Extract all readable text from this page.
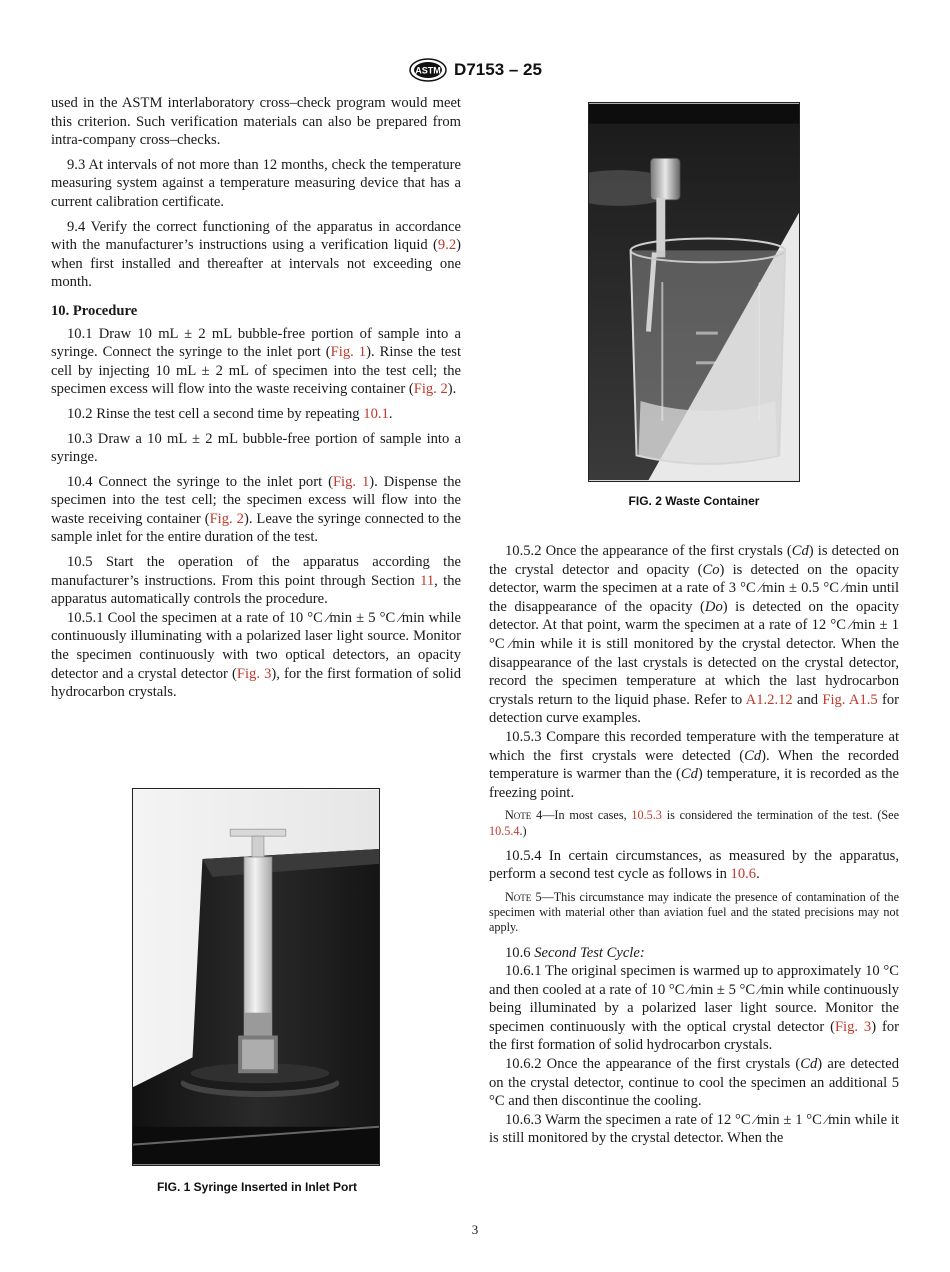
ASTM D7153 – 25

used in the ASTM interlaboratory cross–check program would meet this criterion. Such verification materials can also be prepared from intra-company cross–checks.

9.3 At intervals of not more than 12 months, check the temperature measuring system against a temperature measuring device that has a current calibration certificate.

9.4 Verify the correct functioning of the apparatus in accordance with the manufacturer’s instructions using a verification liquid (9.2) when first installed and thereafter at intervals not exceeding one month.

10. Procedure

10.1 Draw 10 mL ± 2 mL bubble-free portion of sample into a syringe. Connect the syringe to the inlet port (Fig. 1). Rinse the test cell by injecting 10 mL ± 2 mL of specimen into the test cell; the specimen excess will flow into the waste receiving container (Fig. 2).

10.2 Rinse the test cell a second time by repeating 10.1.

10.3 Draw a 10 mL ± 2 mL bubble-free portion of sample into a syringe.

10.4 Connect the syringe to the inlet port (Fig. 1). Dispense the specimen into the test cell; the specimen excess will flow into the waste receiving container (Fig. 2). Leave the syringe connected to the sample inlet for the entire duration of the test.

10.5 Start the operation of the apparatus according the manufacturer’s instructions. From this point through Section 11, the apparatus automatically controls the procedure.

10.5.1 Cool the specimen at a rate of 10 °C ⁄min ± 5 °C ⁄min while continuously illuminating with a polarized laser light source. Monitor the specimen continuously with two optical detectors, an opacity detector and a crystal detector (Fig. 3), for the first formation of solid hydrocarbon crystals.

FIG. 1 Syringe Inserted in Inlet Port
FIG. 2 Waste Container

10.5.2 Once the appearance of the first crystals (Cd) is detected on the crystal detector and opacity (Co) is detected on the opacity detector, warm the specimen at a rate of 3 °C ⁄min ± 0.5 °C ⁄min until the disappearance of the opacity (Do) is detected on the opacity detector. At that point, warm the specimen at a rate of 12 °C ⁄min ± 1 °C ⁄min while it is still monitored by the crystal detector. When the disappearance of the last crystals is detected on the crystal detector, record the specimen temperature at which the last hydrocarbon crystals return to the liquid phase. Refer to A1.2.12 and Fig. A1.5 for detection curve examples.

10.5.3 Compare this recorded temperature with the temperature at which the first crystals were detected (Cd). When the recorded temperature is warmer than the (Cd) temperature, it is recorded as the freezing point.

Note 4—In most cases, 10.5.3 is considered the termination of the test. (See 10.5.4.)

10.5.4 In certain circumstances, as measured by the apparatus, perform a second test cycle as follows in 10.6.

Note 5—This circumstance may indicate the presence of contamination of the specimen with material other than aviation fuel and the stated precisions may not apply.

10.6 Second Test Cycle:

10.6.1 The original specimen is warmed up to approximately 10 °C and then cooled at a rate of 10 °C ⁄min ± 5 °C ⁄min while continuously being illuminated by a polarized laser light source. Monitor the specimen continuously with the optical crystal detector (Fig. 3) for the first formation of solid hydrocarbon crystals.

10.6.2 Once the appearance of the first crystals (Cd) are detected on the crystal detector, continue to cool the specimen an additional 5 °C and then discontinue the cooling.

10.6.3 Warm the specimen a rate of 12 °C ⁄min ± 1 °C ⁄min while it is still monitored by the crystal detector. When the

3
